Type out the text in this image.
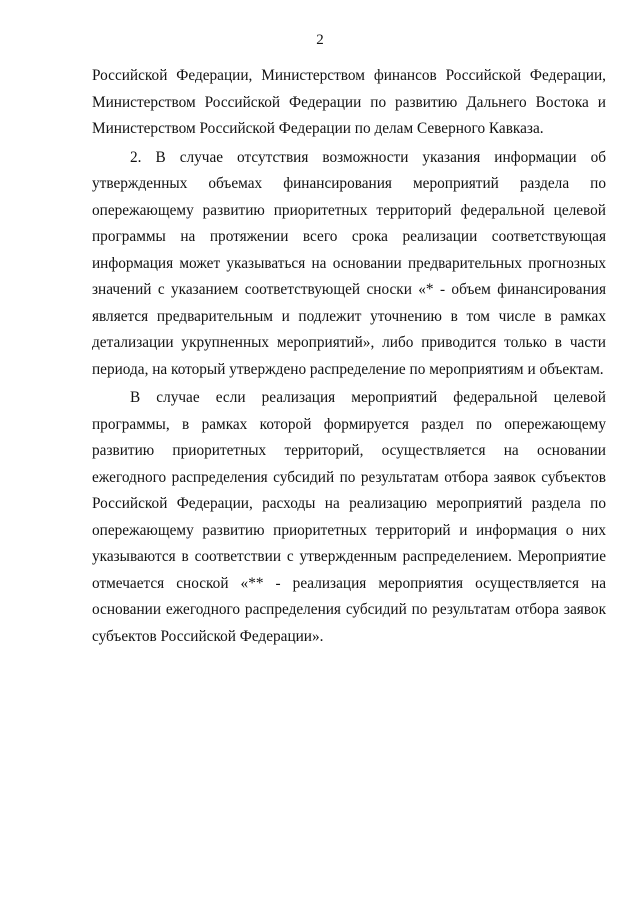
2

Российской Федерации, Министерством финансов Российской Федерации, Министерством Российской Федерации по развитию Дальнего Востока и Министерством Российской Федерации по делам Северного Кавказа.

2. В случае отсутствия возможности указания информации об утвержденных объемах финансирования мероприятий раздела по опережающему развитию приоритетных территорий федеральной целевой программы на протяжении всего срока реализации соответствующая информация может указываться на основании предварительных прогнозных значений с указанием соответствующей сноски «* - объем финансирования является предварительным и подлежит уточнению в том числе в рамках детализации укрупненных мероприятий», либо приводится только в части периода, на который утверждено распределение по мероприятиям и объектам.

В случае если реализация мероприятий федеральной целевой программы, в рамках которой формируется раздел по опережающему развитию приоритетных территорий, осуществляется на основании ежегодного распределения субсидий по результатам отбора заявок субъектов Российской Федерации, расходы на реализацию мероприятий раздела по опережающему развитию приоритетных территорий и информация о них указываются в соответствии с утвержденным распределением. Мероприятие отмечается сноской «** - реализация мероприятия осуществляется на основании ежегодного распределения субсидий по результатам отбора заявок субъектов Российской Федерации».
